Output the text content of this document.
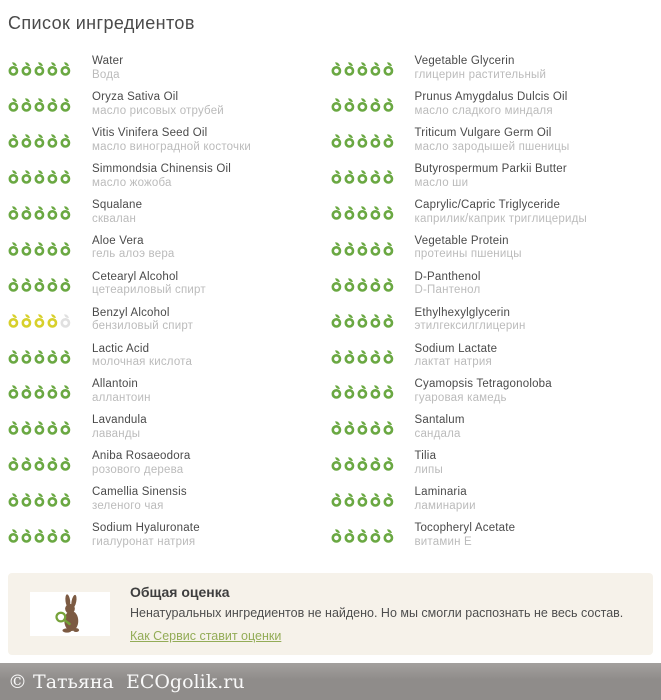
Список ингредиентов
Water
Вода
Oryza Sativa Oil
масло рисовых отрубей
Vitis Vinifera Seed Oil
масло виноградной косточки
Simmondsia Chinensis Oil
масло жожоба
Squalane
сквалан
Aloe Vera
гель алоэ вера
Cetearyl Alcohol
цетеариловый спирт
Benzyl Alcohol
бензиловый спирт
Lactic Acid
молочная кислота
Allantoin
аллантоин
Lavandula
лаванды
Aniba Rosaeodora
розового дерева
Camellia Sinensis
зеленого чая
Sodium Hyaluronate
гиалуронат натрия
Vegetable Glycerin
глицерин растительный
Prunus Amygdalus Dulcis Oil
масло сладкого миндаля
Triticum Vulgare Germ Oil
масло зародышей пшеницы
Butyrospermum Parkii Butter
масло ши
Caprylic/Capric Triglyceride
каприлик/каприк триглицериды
Vegetable Protein
протеины пшеницы
D-Panthenol
D-Пантенол
Ethylhexylglycerin
этилгексилглицерин
Sodium Lactate
лактат натрия
Cyamopsis Tetragonoloba
гуаровая камедь
Santalum
сандала
Tilia
липы
Laminaria
ламинарии
Tocopheryl Acetate
витамин Е
Общая оценка
Ненатуральных ингредиентов не найдено. Но мы смогли распознать не весь состав.
Как Сервис ставит оценки
© Татьяна  ECOgolik.ru
